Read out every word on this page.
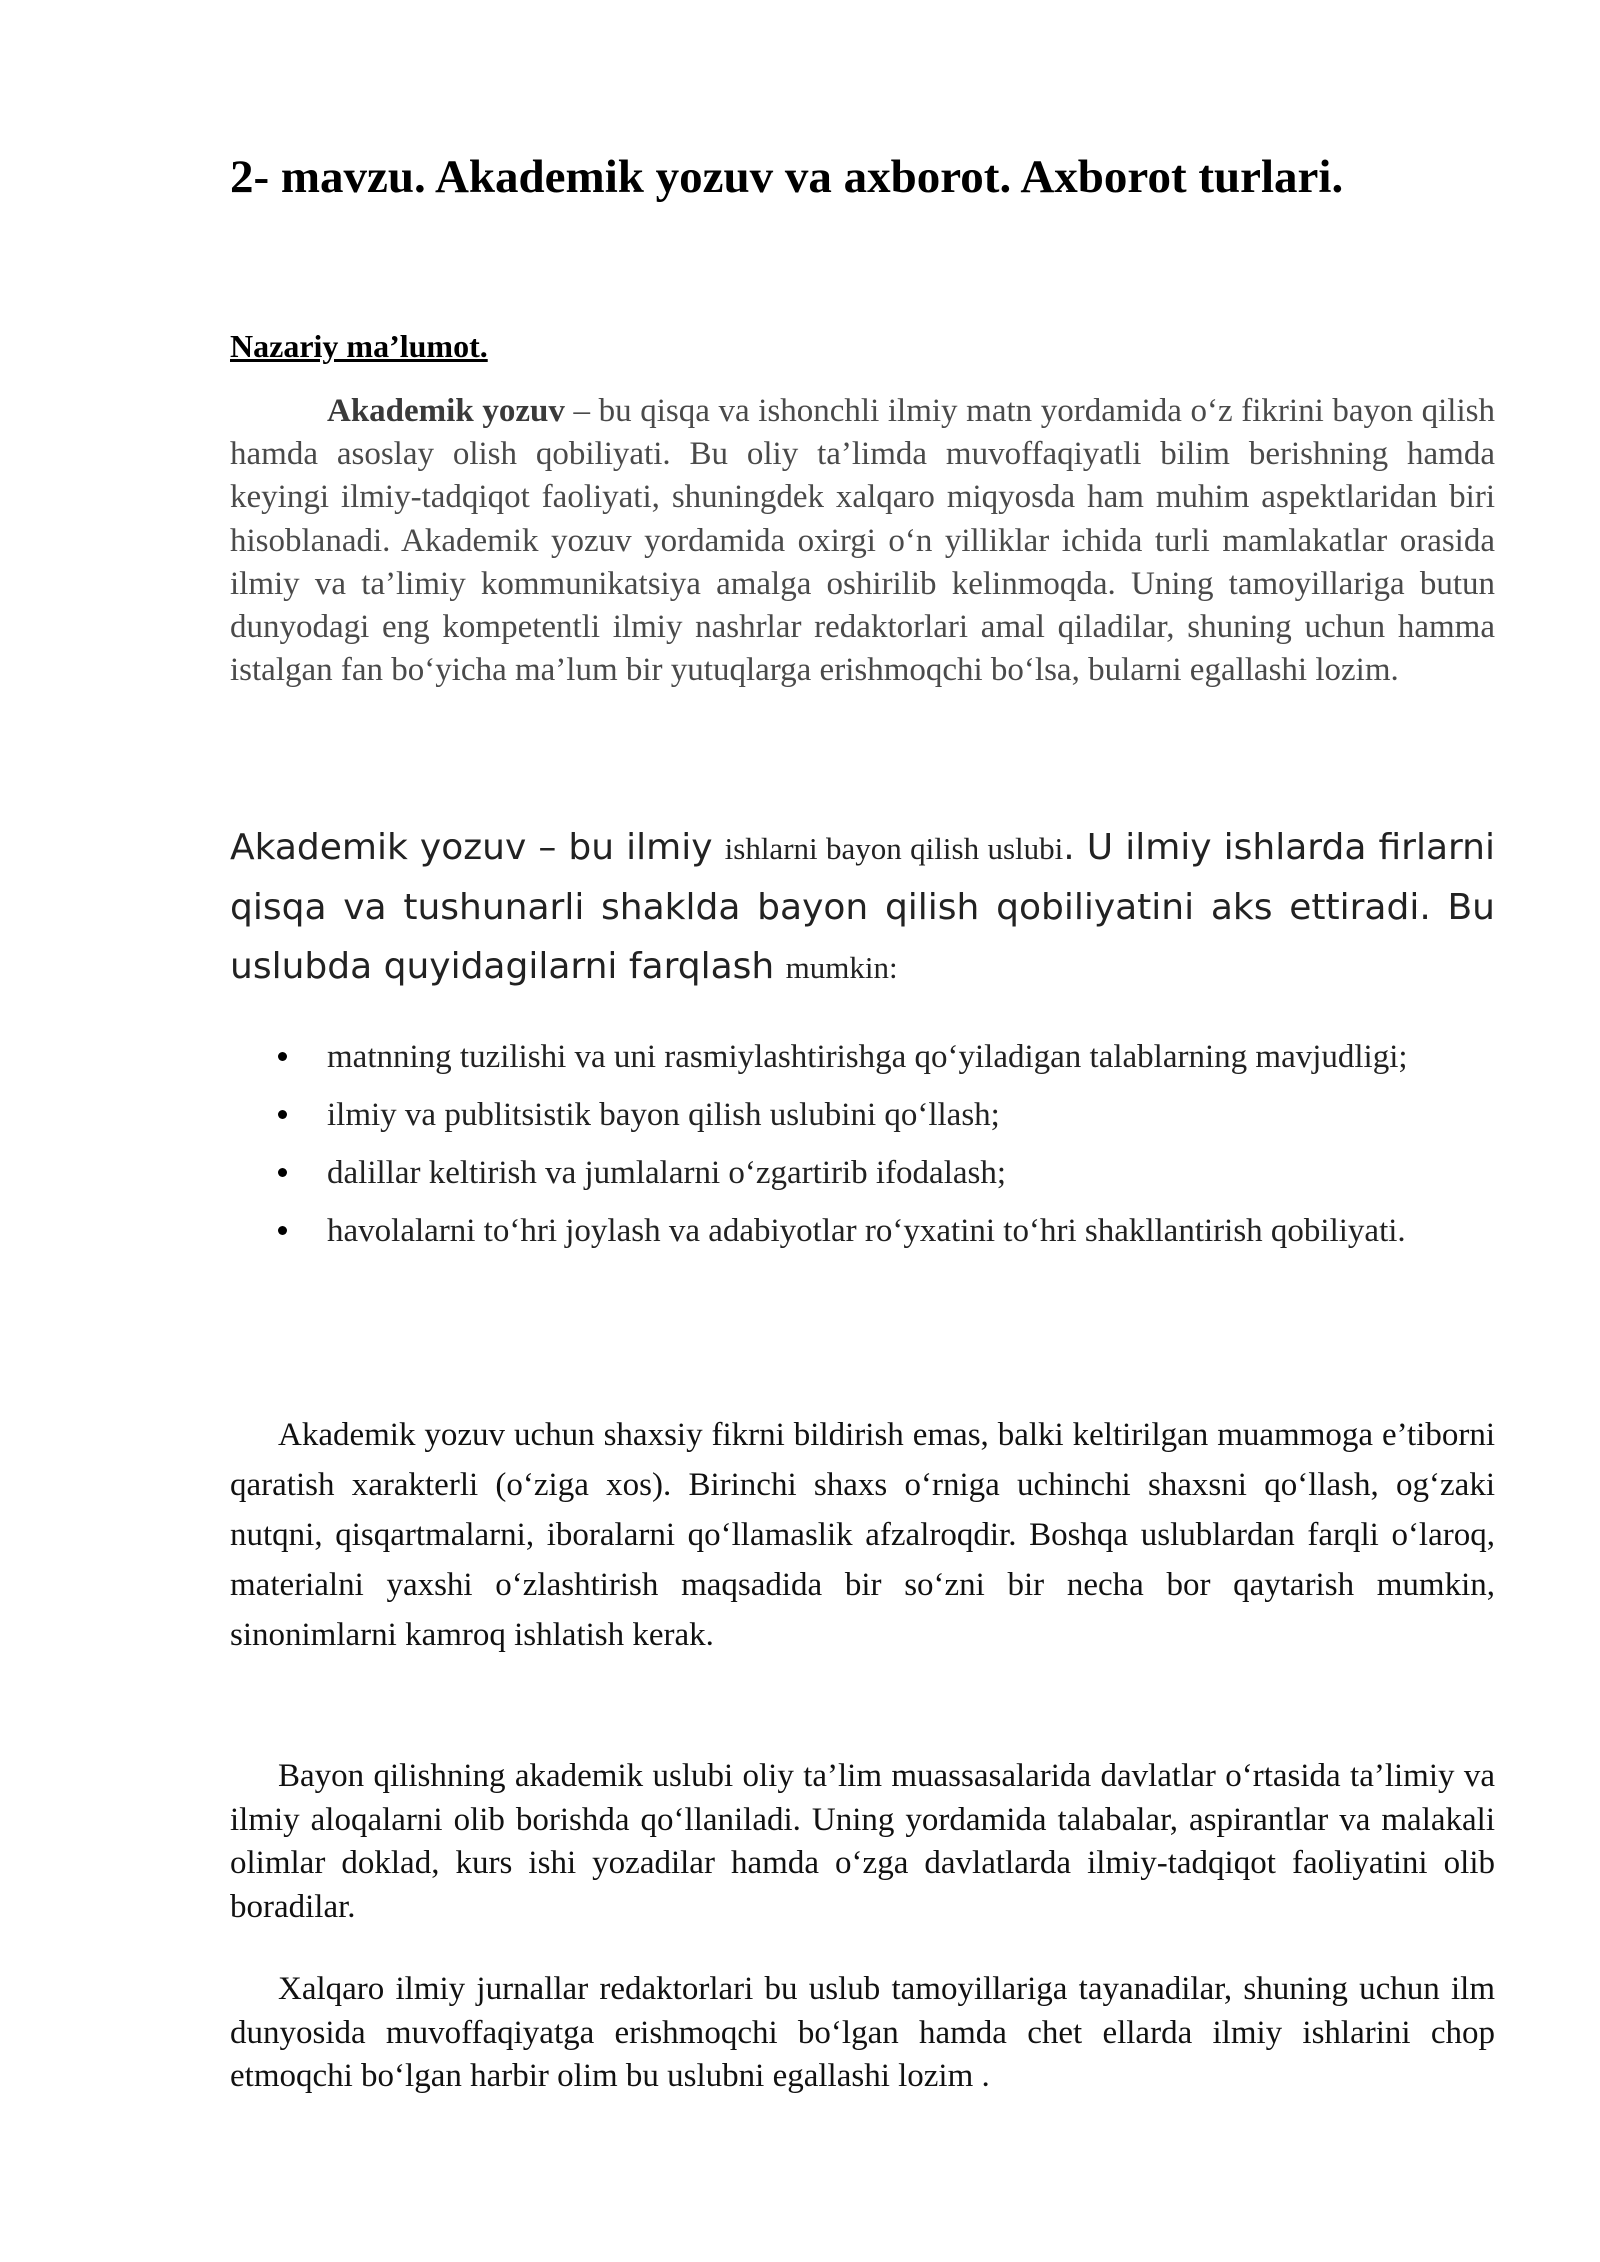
2- mavzu. Akademik yozuv va axborot. Axborot turlari.

Nazariy ma’lumot.

Akademik yozuv – bu qisqa va ishonchli ilmiy matn yordamida o‘z fikrini bayon qilish hamda asoslay olish qobiliyati. Bu oliy ta’limda muvoffaqiyatli bilim berishning hamda keyingi ilmiy-tadqiqot faoliyati, shuningdek xalqaro miqyosda ham muhim aspektlaridan biri hisoblanadi. Akademik yozuv yordamida oxirgi o‘n yilliklar ichida turli mamlakatlar orasida ilmiy va ta’limiy kommunikatsiya amalga oshirilib kelinmoqda. Uning tamoyillariga butun dunyodagi eng kompetentli ilmiy nashrlar redaktorlari amal qiladilar, shuning uchun hamma istalgan fan bo‘yicha ma’lum bir yutuqlarga erishmoqchi bo‘lsa, bularni egallashi lozim.

Akademik yozuv – bu ilmiy ishlarni bayon qilish uslubi. U ilmiy ishlarda firlarni qisqa va tushunarli shaklda bayon qilish qobiliyatini aks ettiradi. Bu uslubda quyidagilarni farqlash mumkin:

matnning tuzilishi va uni rasmiylashtirishga qo‘yiladigan talablarning mavjudligi;
ilmiy va publitsistik bayon qilish uslubini qo‘llash;
dalillar keltirish va jumlalarni o‘zgartirib ifodalash;
havolalarni to‘hri joylash va adabiyotlar ro‘yxatini to‘hri shakllantirish qobiliyati.

Akademik yozuv uchun shaxsiy fikrni bildirish emas, balki keltirilgan muammoga e’tiborni qaratish xarakterli (o‘ziga xos). Birinchi shaxs o‘rniga uchinchi shaxsni qo‘llash, og‘zaki nutqni, qisqartmalarni, iboralarni qo‘llamaslik afzalroqdir. Boshqa uslublardan farqli o‘laroq, materialni yaxshi o‘zlashtirish maqsadida bir so‘zni bir necha bor qaytarish mumkin, sinonimlarni kamroq ishlatish kerak.

Bayon qilishning akademik uslubi oliy ta’lim muassasalarida davlatlar o‘rtasida ta’limiy va ilmiy aloqalarni olib borishda qo‘llaniladi. Uning yordamida talabalar, aspirantlar va malakali olimlar doklad, kurs ishi yozadilar hamda o‘zga davlatlarda ilmiy-tadqiqot faoliyatini olib boradilar.

Xalqaro ilmiy jurnallar redaktorlari bu uslub tamoyillariga tayanadilar, shuning uchun ilm dunyosida muvoffaqiyatga erishmoqchi bo‘lgan hamda chet ellarda ilmiy ishlarini chop etmoqchi bo‘lgan harbir olim bu uslubni egallashi lozim .
